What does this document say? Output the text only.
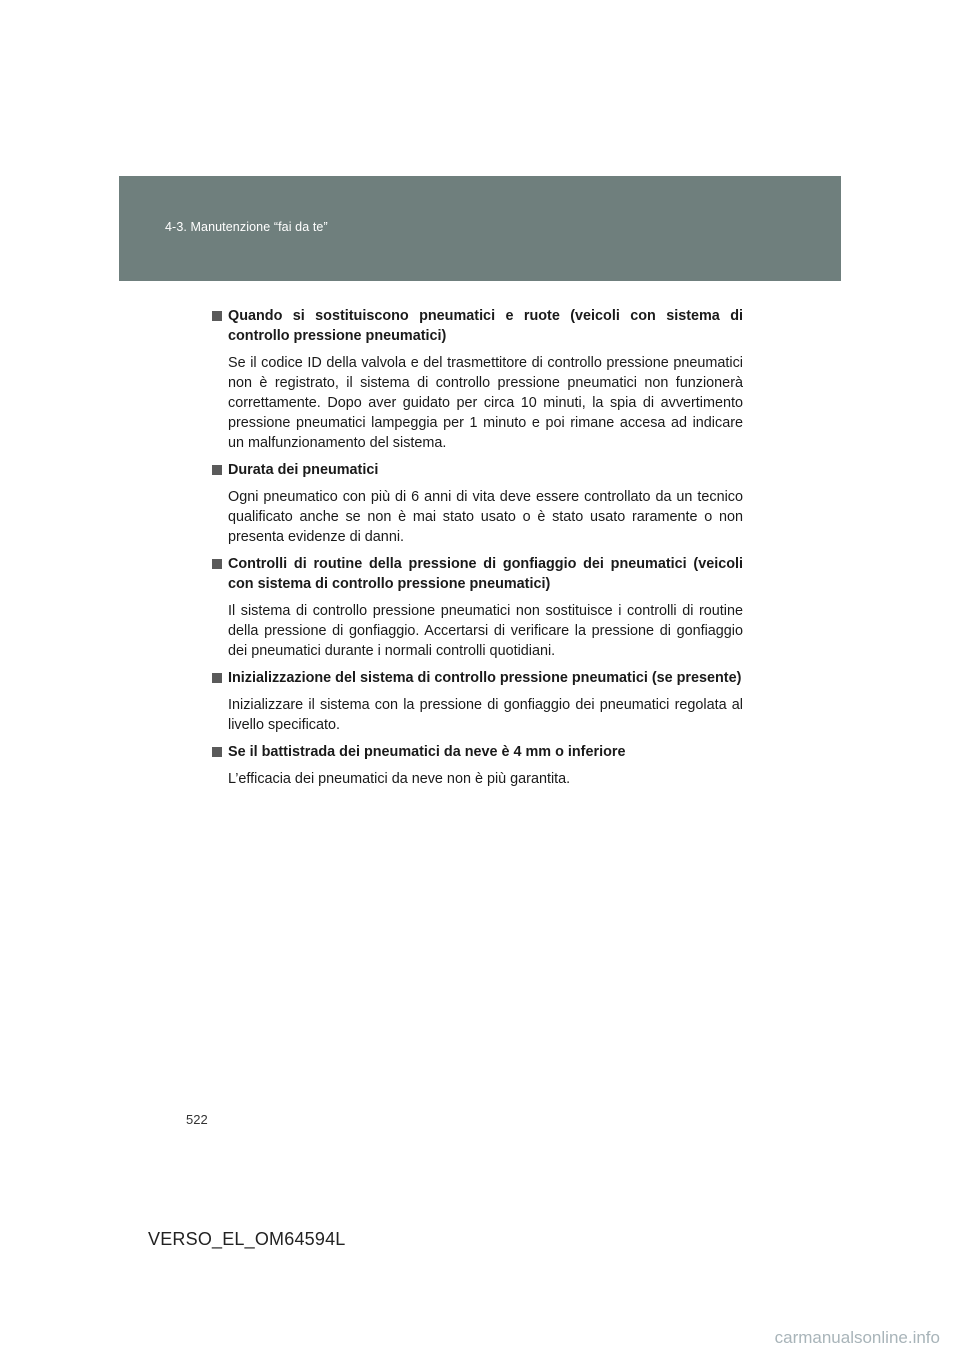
4-3. Manutenzione “fai da te”
Quando si sostituiscono pneumatici e ruote (veicoli con sistema di controllo pressione pneumatici)
Se il codice ID della valvola e del trasmettitore di controllo pressione pneumatici non è registrato, il sistema di controllo pressione pneumatici non funzionerà correttamente. Dopo aver guidato per circa 10 minuti, la spia di avvertimento pressione pneumatici lampeggia per 1 minuto e poi rimane accesa ad indicare un malfunzionamento del sistema.
Durata dei pneumatici
Ogni pneumatico con più di 6 anni di vita deve essere controllato da un tecnico qualificato anche se non è mai stato usato o è stato usato raramente o non presenta evidenze di danni.
Controlli di routine della pressione di gonfiaggio dei pneumatici (veicoli con sistema di controllo pressione pneumatici)
Il sistema di controllo pressione pneumatici non sostituisce i controlli di routine della pressione di gonfiaggio. Accertarsi di verificare la pressione di gonfiaggio dei pneumatici durante i normali controlli quotidiani.
Inizializzazione del sistema di controllo pressione pneumatici (se presente)
Inizializzare il sistema con la pressione di gonfiaggio dei pneumatici regolata al livello specificato.
Se il battistrada dei pneumatici da neve è 4 mm o inferiore
L’efficacia dei pneumatici da neve non è più garantita.
522
VERSO_EL_OM64594L
carmanualsonline.info
